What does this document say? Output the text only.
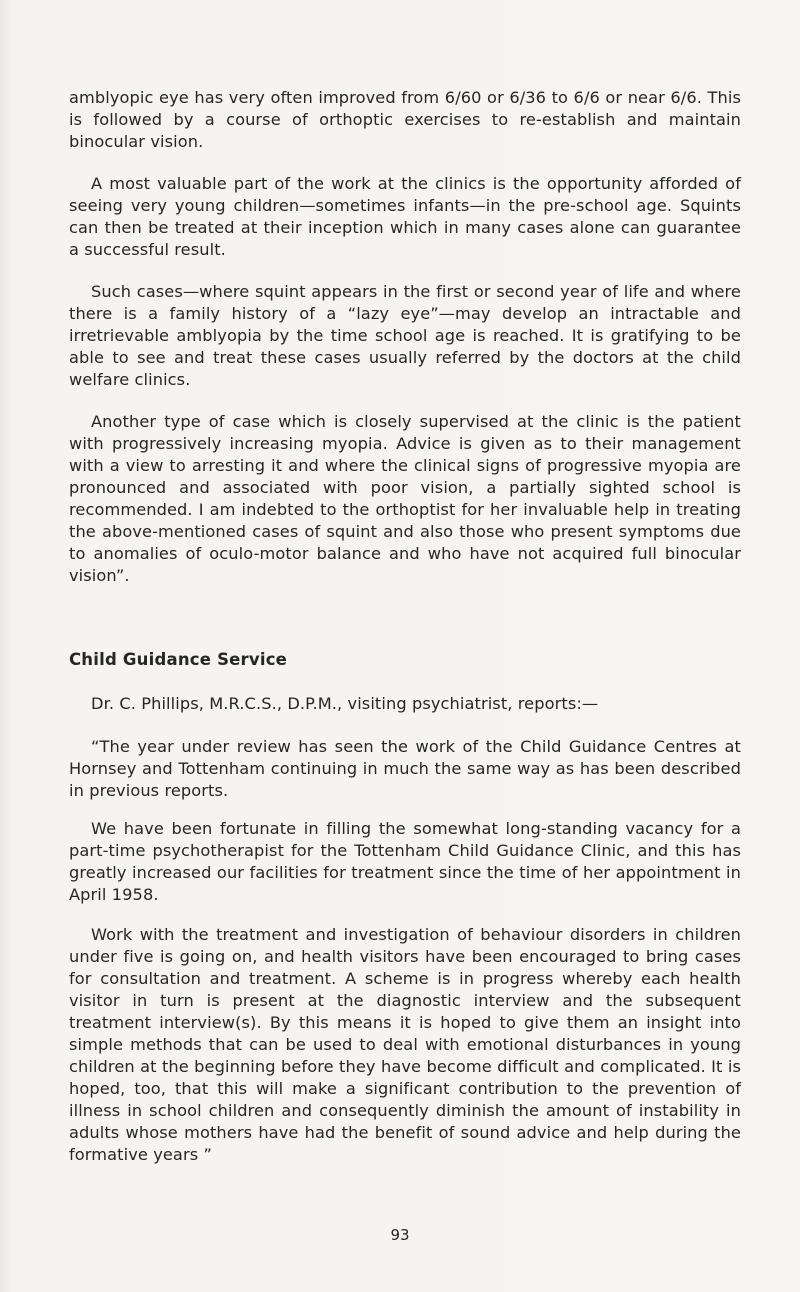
amblyopic eye has very often improved from 6/60 or 6/36 to 6/6 or near 6/6. This is followed by a course of orthoptic exercises to re-establish and maintain binocular vision.

A most valuable part of the work at the clinics is the opportunity afforded of seeing very young children—sometimes infants—in the pre-school age. Squints can then be treated at their inception which in many cases alone can guarantee a successful result.

Such cases—where squint appears in the first or second year of life and where there is a family history of a “lazy eye”—may develop an intractable and irretrievable amblyopia by the time school age is reached. It is gratifying to be able to see and treat these cases usually referred by the doctors at the child welfare clinics.

Another type of case which is closely supervised at the clinic is the patient with progressively increasing myopia. Advice is given as to their management with a view to arresting it and where the clinical signs of progressive myopia are pronounced and associated with poor vision, a partially sighted school is recommended. I am indebted to the orthoptist for her invaluable help in treating the above-mentioned cases of squint and also those who present symptoms due to anomalies of oculo-motor balance and who have not acquired full binocular vision”.

Child Guidance Service

Dr. C. Phillips, M.R.C.S., D.P.M., visiting psychiatrist, reports:—

“The year under review has seen the work of the Child Guidance Centres at Hornsey and Tottenham continuing in much the same way as has been described in previous reports.

We have been fortunate in filling the somewhat long-standing vacancy for a part-time psychotherapist for the Tottenham Child Guidance Clinic, and this has greatly increased our facilities for treatment since the time of her appointment in April 1958.

Work with the treatment and investigation of behaviour disorders in children under five is going on, and health visitors have been encouraged to bring cases for consultation and treatment. A scheme is in progress whereby each health visitor in turn is present at the diagnostic interview and the subsequent treatment interview(s). By this means it is hoped to give them an insight into simple methods that can be used to deal with emotional disturbances in young children at the beginning before they have become difficult and complicated. It is hoped, too, that this will make a significant contribution to the prevention of illness in school children and consequently diminish the amount of instability in adults whose mothers have had the benefit of sound advice and help during the formative years ”

93
